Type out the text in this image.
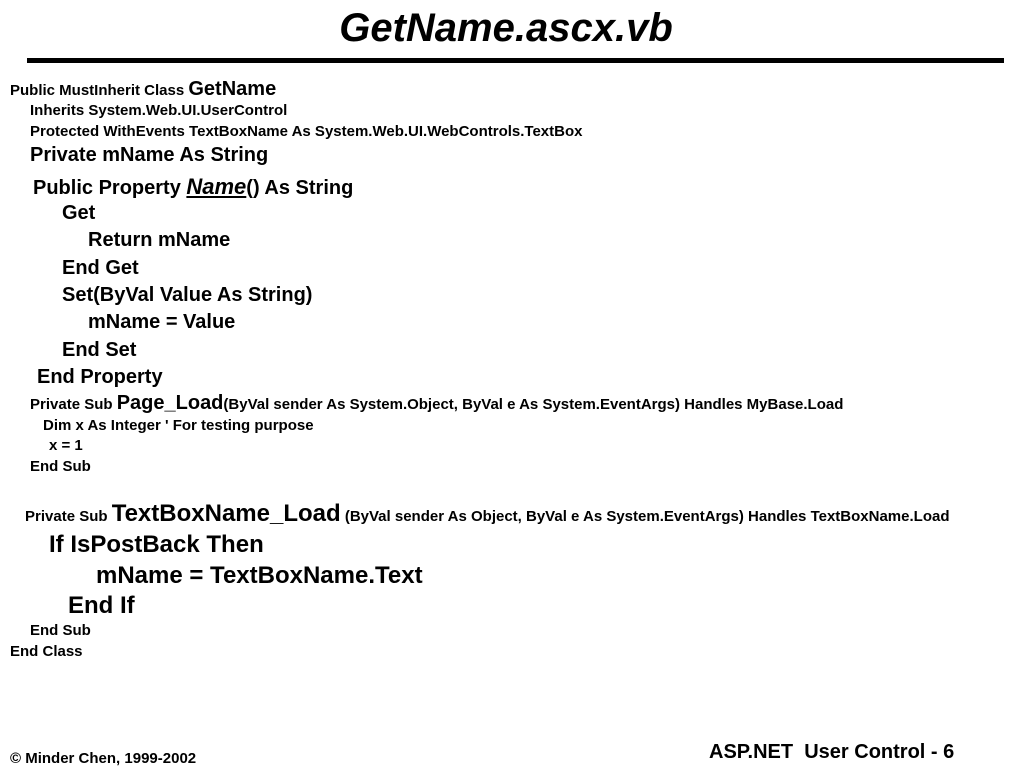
GetName.ascx.vb
Public MustInherit Class GetName
Inherits System.Web.UI.UserControl
Protected WithEvents TextBoxName As System.Web.UI.WebControls.TextBox
Private mName As String
Public Property Name() As String
Get
Return mName
End Get
Set(ByVal Value As String)
mName = Value
End Set
End Property
Private Sub Page_Load(ByVal sender As System.Object, ByVal e As System.EventArgs) Handles MyBase.Load
Dim x As Integer ' For testing purpose
x = 1
End Sub
Private Sub TextBoxName_Load (ByVal sender As Object, ByVal e As System.EventArgs) Handles TextBoxName.Load
If IsPostBack Then
mName = TextBoxName.Text
End If
End Sub
End Class
© Minder Chen, 1999-2002	ASP.NET  User Control - 6
